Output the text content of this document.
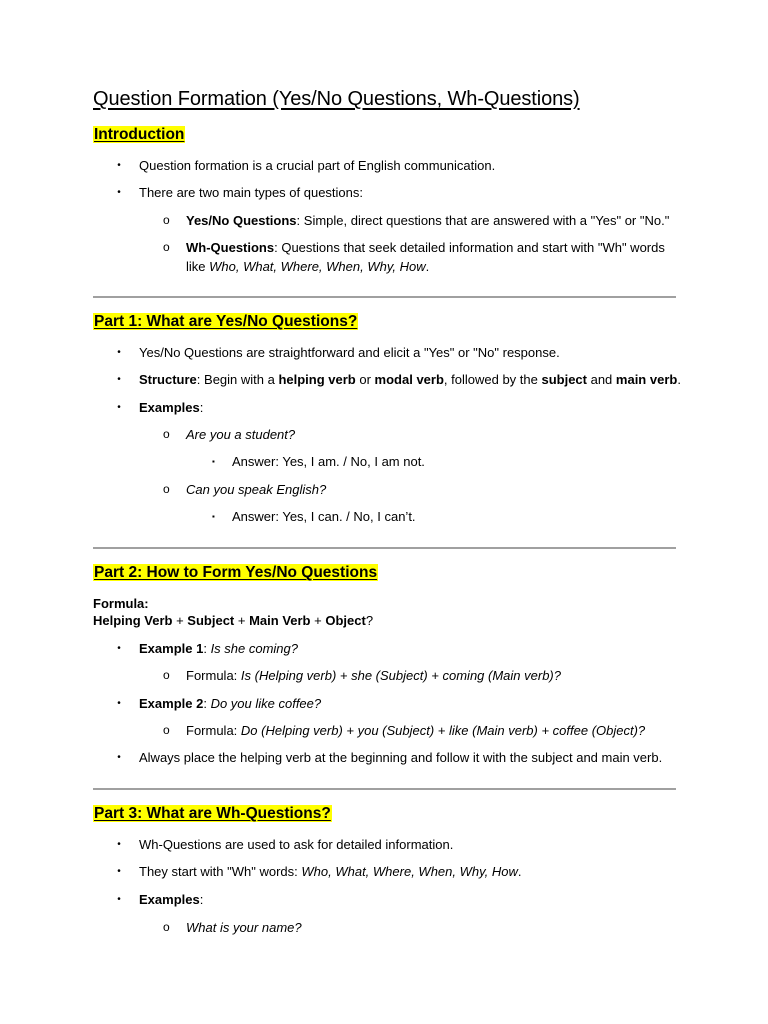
Question Formation (Yes/No Questions, Wh-Questions)
Introduction
• Question formation is a crucial part of English communication.
• There are two main types of questions:
o Yes/No Questions: Simple, direct questions that are answered with a "Yes" or "No."
o Wh-Questions: Questions that seek detailed information and start with "Wh" words
like Who, What, Where, When, Why, How.
Part 1: What are Yes/No Questions?
• Yes/No Questions are straightforward and elicit a "Yes" or "No" response.
• Structure: Begin with a helping verb or modal verb, followed by the subject and main verb.
• Examples:
o Are you a student?
▪ Answer: Yes, I am. / No, I am not.
o Can you speak English?
▪ Answer: Yes, I can. / No, I can’t.
Part 2: How to Form Yes/No Questions
Formula:
Helping Verb + Subject + Main Verb + Object?
• Example 1: Is she coming?
o Formula: Is (Helping verb) + she (Subject) + coming (Main verb)?
• Example 2: Do you like coffee?
o Formula: Do (Helping verb) + you (Subject) + like (Main verb) + coffee (Object)?
• Always place the helping verb at the beginning and follow it with the subject and main verb.
Part 3: What are Wh-Questions?
• Wh-Questions are used to ask for detailed information.
• They start with "Wh" words: Who, What, Where, When, Why, How.
• Examples:
o What is your name?
